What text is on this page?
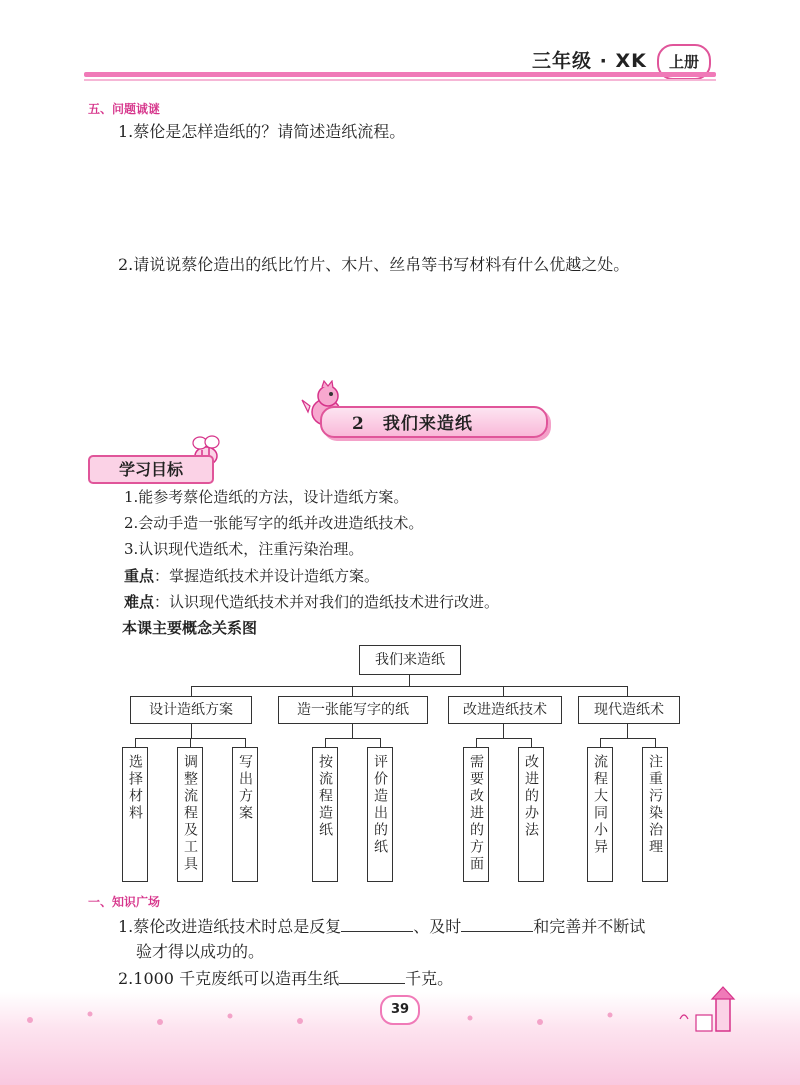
三年级 · XK	上册
五、问题诚谜
1.蔡伦是怎样造纸的？请简述造纸流程。
2.请说说蔡伦造出的纸比竹片、木片、丝帛等书写材料有什么优越之处。
2　我们来造纸
学习目标
1.能参考蔡伦造纸的方法，设计造纸方案。
2.会动手造一张能写字的纸并改进造纸技术。
3.认识现代造纸术，注重污染治理。
重点：掌握造纸技术并设计造纸方案。
难点：认识现代造纸技术并对我们的造纸技术进行改进。
本课主要概念关系图
我们来造纸
设计造纸方案	造一张能写字的纸	改进造纸技术	现代造纸术
选择材料	调整流程及工具	写出方案	按流程造纸	评价造出的纸	需要改进的方面	改进的办法	流程大同小异	注重污染治理
一、知识广场
1.蔡伦改进造纸技术时总是反复	、及时	和完善并不断试
验才得以成功的。
2.1000 千克废纸可以造再生纸	千克。
39
